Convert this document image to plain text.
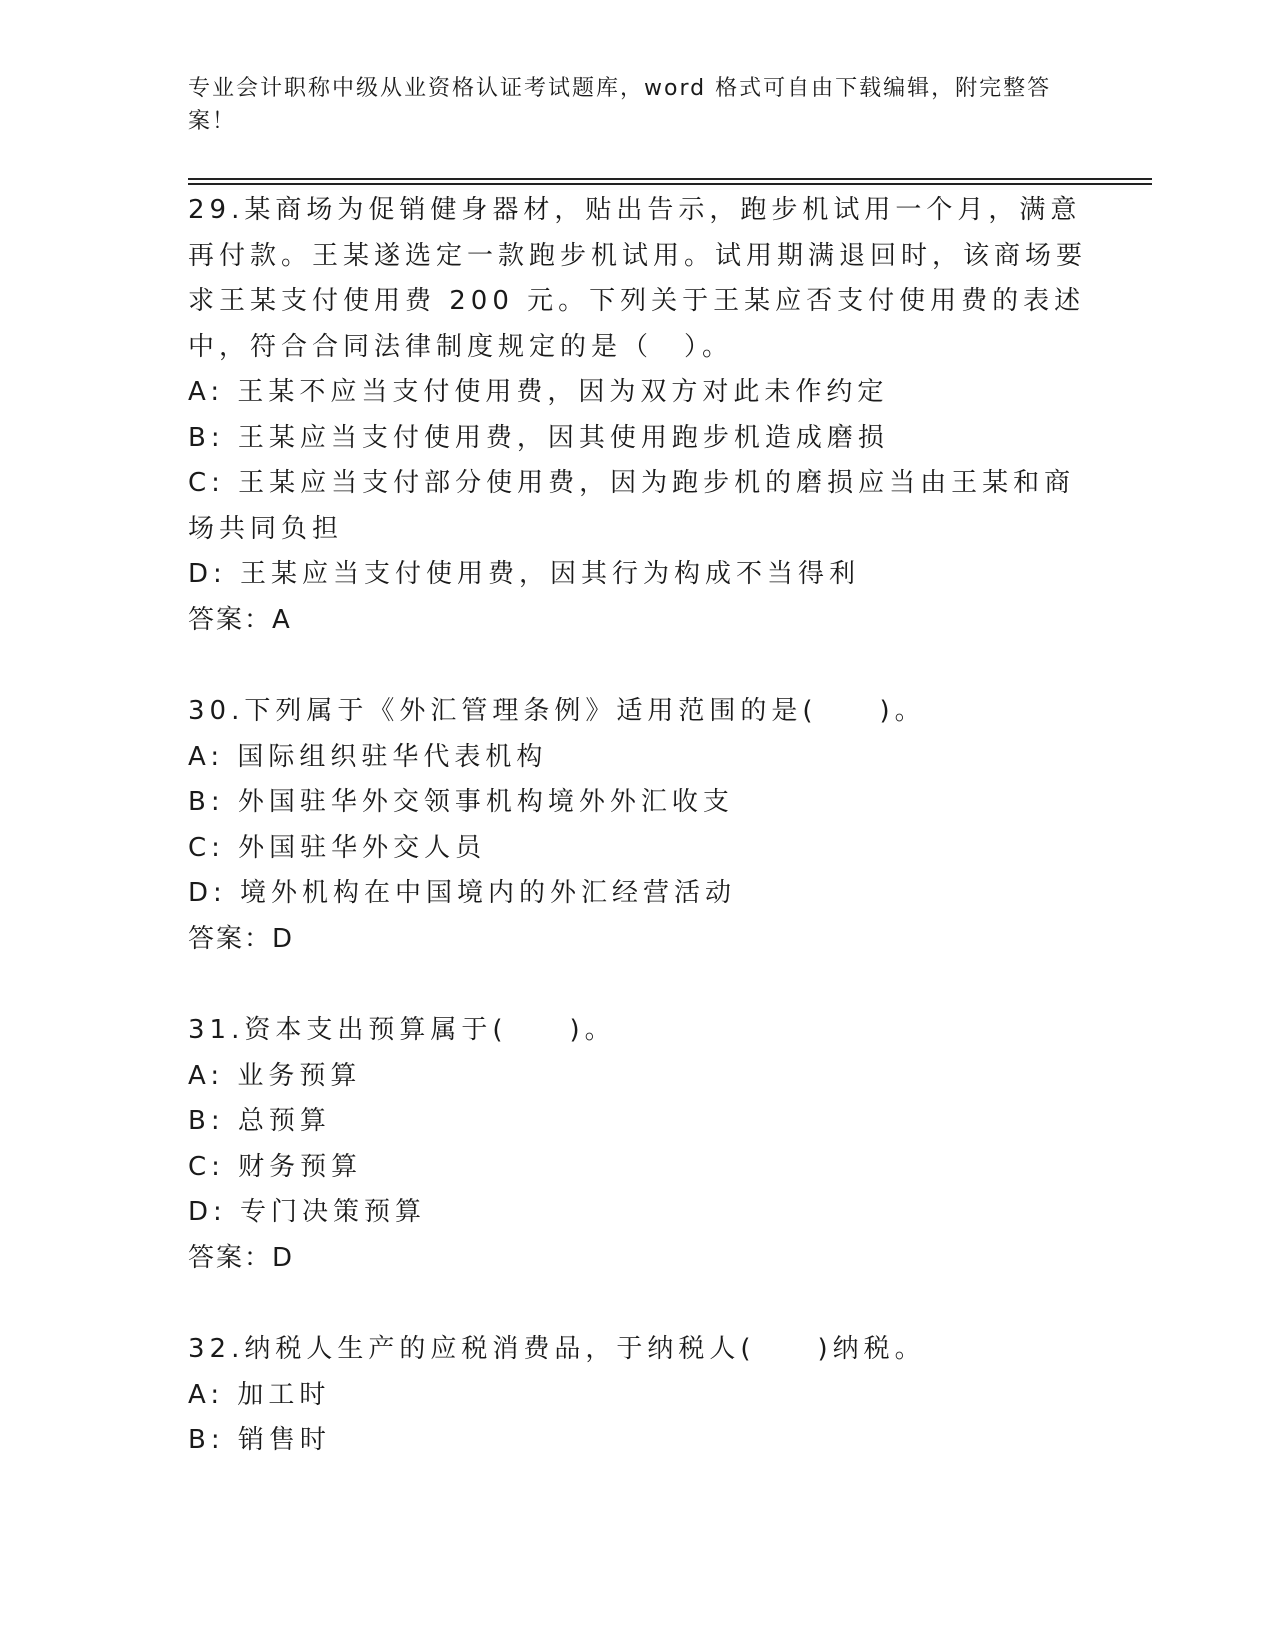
专业会计职称中级从业资格认证考试题库，word 格式可自由下载编辑，附完整答案！
29.某商场为促销健身器材，贴出告示，跑步机试用一个月，满意再付款。王某遂选定一款跑步机试用。试用期满退回时，该商场要求王某支付使用费 200 元。下列关于王某应否支付使用费的表述中，符合合同法律制度规定的是（　）。
A: 王某不应当支付使用费，因为双方对此未作约定
B: 王某应当支付使用费，因其使用跑步机造成磨损
C: 王某应当支付部分使用费，因为跑步机的磨损应当由王某和商场共同负担
D: 王某应当支付使用费，因其行为构成不当得利
答案：A
30.下列属于《外汇管理条例》适用范围的是(　　)。
A: 国际组织驻华代表机构
B: 外国驻华外交领事机构境外外汇收支
C: 外国驻华外交人员
D: 境外机构在中国境内的外汇经营活动
答案：D
31.资本支出预算属于(　　)。
A: 业务预算
B: 总预算
C: 财务预算
D: 专门决策预算
答案：D
32.纳税人生产的应税消费品，于纳税人(　　)纳税。
A: 加工时
B: 销售时
